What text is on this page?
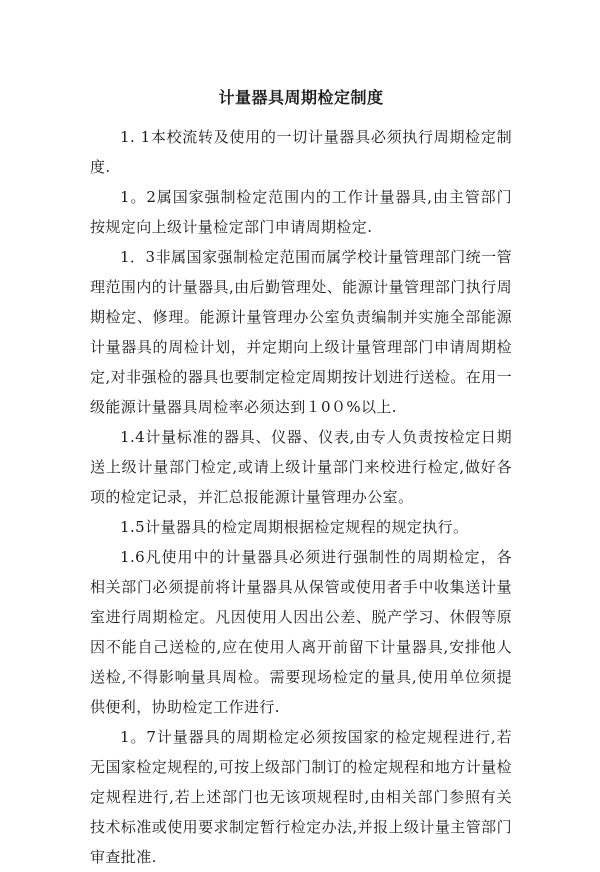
计量器具周期检定制度

1. 1本校流转及使用的一切计量器具必须执行周期检定制度.

1。2属国家强制检定范围内的工作计量器具,由主管部门按规定向上级计量检定部门申请周期检定.

1．3非属国家强制检定范围而属学校计量管理部门统一管理范围内的计量器具,由后勤管理处、能源计量管理部门执行周期检定、修理。能源计量管理办公室负责编制并实施全部能源计量器具的周检计划，并定期向上级计量管理部门申请周期检定,对非强检的器具也要制定检定周期按计划进行送检。在用一级能源计量器具周检率必须达到１0０%以上.

1.4计量标准的器具、仪器、仪表,由专人负责按检定日期送上级计量部门检定,或请上级计量部门来校进行检定,做好各项的检定记录，并汇总报能源计量管理办公室。

1.5计量器具的检定周期根据检定规程的规定执行。

1.6凡使用中的计量器具必须进行强制性的周期检定，各相关部门必须提前将计量器具从保管或使用者手中收集送计量室进行周期检定。凡因使用人因出公差、脱产学习、休假等原因不能自己送检的,应在使用人离开前留下计量器具,安排他人送检,不得影响量具周检。需要现场检定的量具,使用单位须提供便利，协助检定工作进行.

1。7计量器具的周期检定必须按国家的检定规程进行,若无国家检定规程的,可按上级部门制订的检定规程和地方计量检定规程进行,若上述部门也无该项规程时,由相关部门参照有关技术标准或使用要求制定暂行检定办法,并报上级计量主管部门审查批准.
